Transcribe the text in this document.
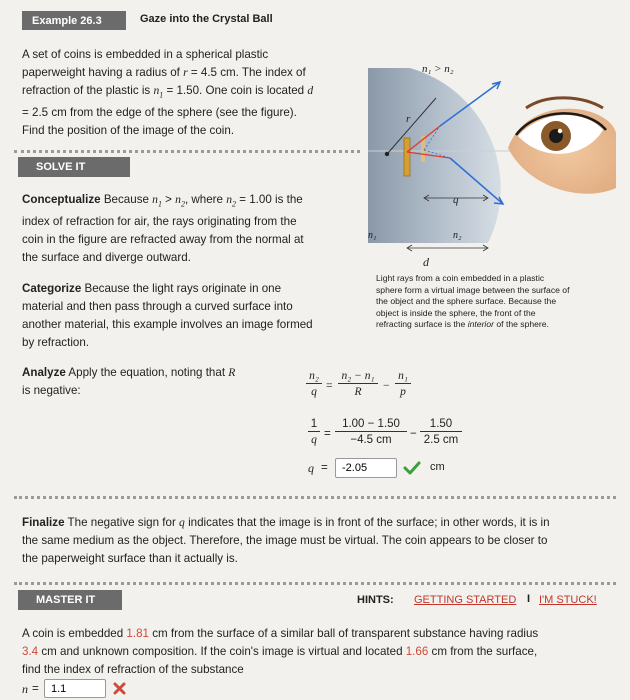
Example 26.3	Gaze into the Crystal Ball
A set of coins is embedded in a spherical plastic
paperweight having a radius of r = 4.5 cm. The index of
refraction of the plastic is $n_1 = 1.50$. One coin is located d
= 2.5 cm from the edge of the sphere (see the figure).
Find the position of the image of the coin.
SOLVE IT
Conceptualize Because $n_1 > n_2$, where $n_2 = 1.00$ is the
index of refraction for air, the rays originating from the
coin in the figure are refracted away from the normal at
the surface and diverge outward.
Categorize Because the light rays originate in one
material and then pass through a curved surface into
another material, this example involves an image formed
by refraction.
Analyze Apply the equation, noting that R
is negative:	$\frac{\text{n₂}}{q} = \frac{\text{n₂ − n₁}}{R} - \frac{\text{n₁}}{p}$
$\frac{1}{q} = \frac{1.00 - 1.50}{-4.5 cm} - \frac{1.50}{2.5 cm}$
q =
-2.05	cm
n₁ > n₂
r
q
n₁	n₂
d
Light rays from a coin embedded in a plastic
sphere form a virtual image between the surface of
the object and the sphere surface. Because the
object is inside the sphere, the front of the
refracting surface is the interior of the sphere.
Finalize The negative sign for q indicates that the image is in front of the surface; in other words, it is in
the same medium as the object. Therefore, the image must be virtual. The coin appears to be closer to
the paperweight surface than it actually is.
MASTER IT	HINTS: GETTING STARTED I I'M STUCK!
A coin is embedded 1.81 cm from the surface of a similar ball of transparent substance having radius
3.4 cm and unknown composition. If the coin's image is virtual and located 1.66 cm from the surface,
find the index of refraction of the substance
n =
1.1
